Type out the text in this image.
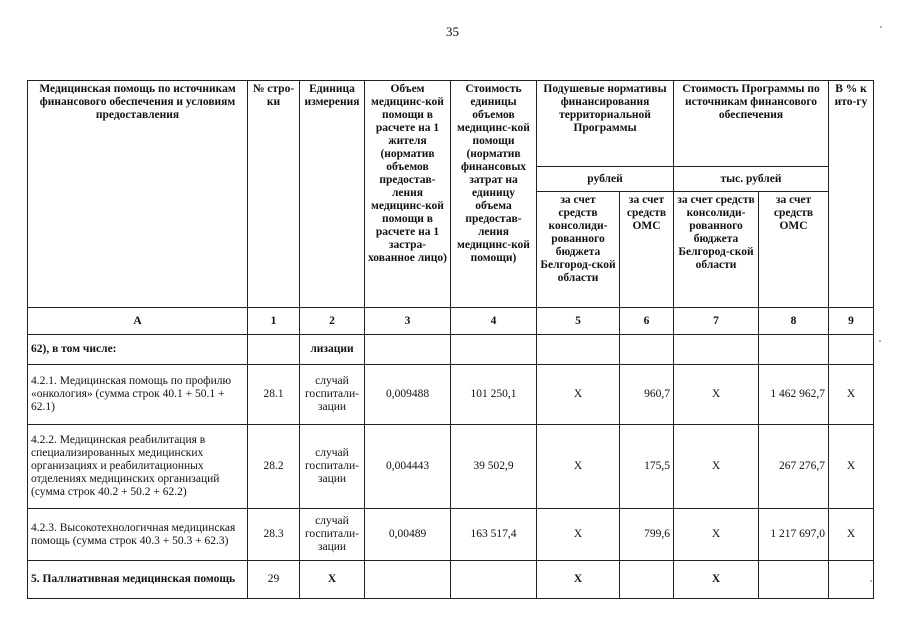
35
Медицинская помощь по источникам финансового обеспечения и условиям предоставления	№ стро-ки	Единица измерения	Объем медицинс-кой помощи в расчете на 1 жителя (норматив объемов предостав-ления медицинс-кой помощи в расчете на 1 застра-хованное лицо)	Стоимость единицы объемов медицинс-кой помощи (норматив финансовых затрат на единицу объема предостав-ления медицинс-кой помощи)	Подушевые нормативы финансирования территориальной Программы		Стоимость Программы по источникам финансового обеспечения		В % к ито-гу
					рублей		тыс. рублей		
					за счет средств консолиди-рованного бюджета Белгород-ской области	за счет средств ОМС	за счет средств консолиди-рованного бюджета Белгород-ской области	за счет средств ОМС	
А	1	2	3	4	5	6	7	8	9
62), в том числе:		лизации							
4.2.1. Медицинская помощь по профилю «онкология» (сумма строк 40.1 + 50.1 + 62.1)	28.1	случай госпитали-зации	0,009488	101 250,1	Х	960,7	Х	1 462 962,7	Х
4.2.2. Медицинская реабилитация в специализированных медицинских организациях и реабилитационных отделениях медицинских организаций (сумма строк 40.2 + 50.2 + 62.2)	28.2	случай госпитали-зации	0,004443	39 502,9	Х	175,5	Х	267 276,7	Х
4.2.3. Высокотехнологичная медицинская помощь (сумма строк 40.3 + 50.3 + 62.3)	28.3	случай госпитали-зации	0,00489	163 517,4	Х	799,6	Х	1 217 697,0	Х
5. Паллиативная медицинская помощь	29	Х			Х		Х		
